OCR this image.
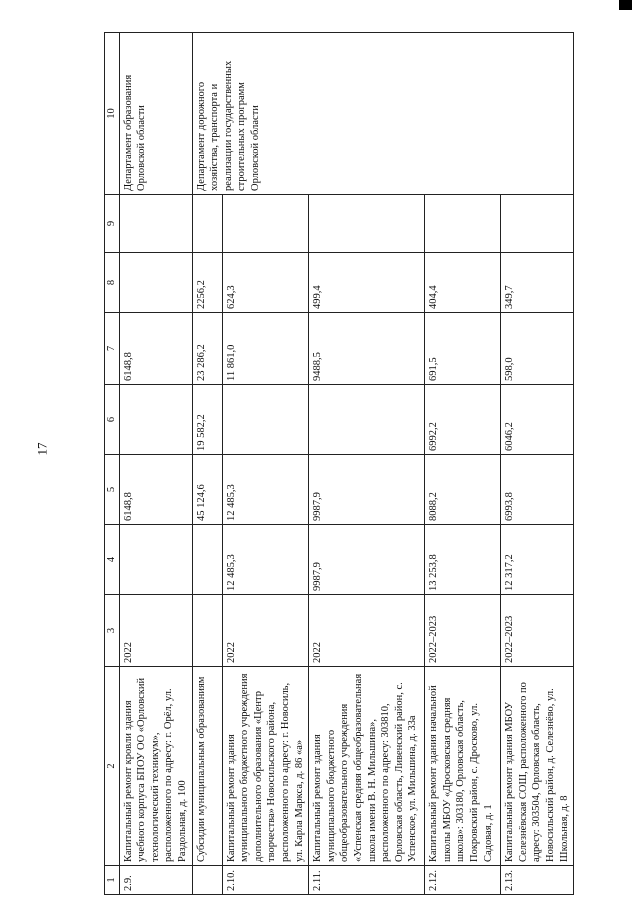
17
1	2	3	4	5	6	7	8	9	10
2.9.	Капитальный ремонт кровли здания учебного корпуса БПОУ ОО «Орловский технологический техникум», расположенного по адресу: г. Орёл, ул. Раздольная, д. 100	2022		6148,8		6148,8			Департамент образования Орловской области
	Субсидии муниципальным образованиям			45 124,6	19 582,2	23 286,2	2256,2		Департамент дорожного хозяйства, транспорта и реализации государственных строительных программ Орловской области
2.10.	Капитальный ремонт здания муниципального бюджетного учреждения дополнительного образования «Центр творчества» Новосильского района, расположенного по адресу: г. Новосиль, ул. Карла Маркса, д. 86 «а»	2022	12 485,3	12 485,3		11 861,0	624,3		
2.11.	Капитальный ремонт здания муниципального бюджетного общеобразовательного учреждения «Успенская средняя общеобразовательная школа имени В. Н. Мильшина», расположенного по адресу: 303810, Орловская область, Ливенский район, с. Успенское, ул. Мильшина, д. 33а	2022	9987,9	9987,9		9488,5	499,4		
2.12.	Капитальный ремонт здания начальной школы МБОУ «Дросковская средняя школа»: 303180, Орловская область, Покровский район, с. Дросково, ул. Садовая, д. 1	2022–2023	13 253,8	8088,2	6992,2	691,5	404,4		
2.13.	Капитальный ремонт здания МБОУ Селезнёвская СОШ, расположенного по адресу: 303504, Орловская область, Новосильский район, д. Селезнёво, ул. Школьная, д. 8	2022–2023	12 317,2	6993,8	6046,2	598,0	349,7		
